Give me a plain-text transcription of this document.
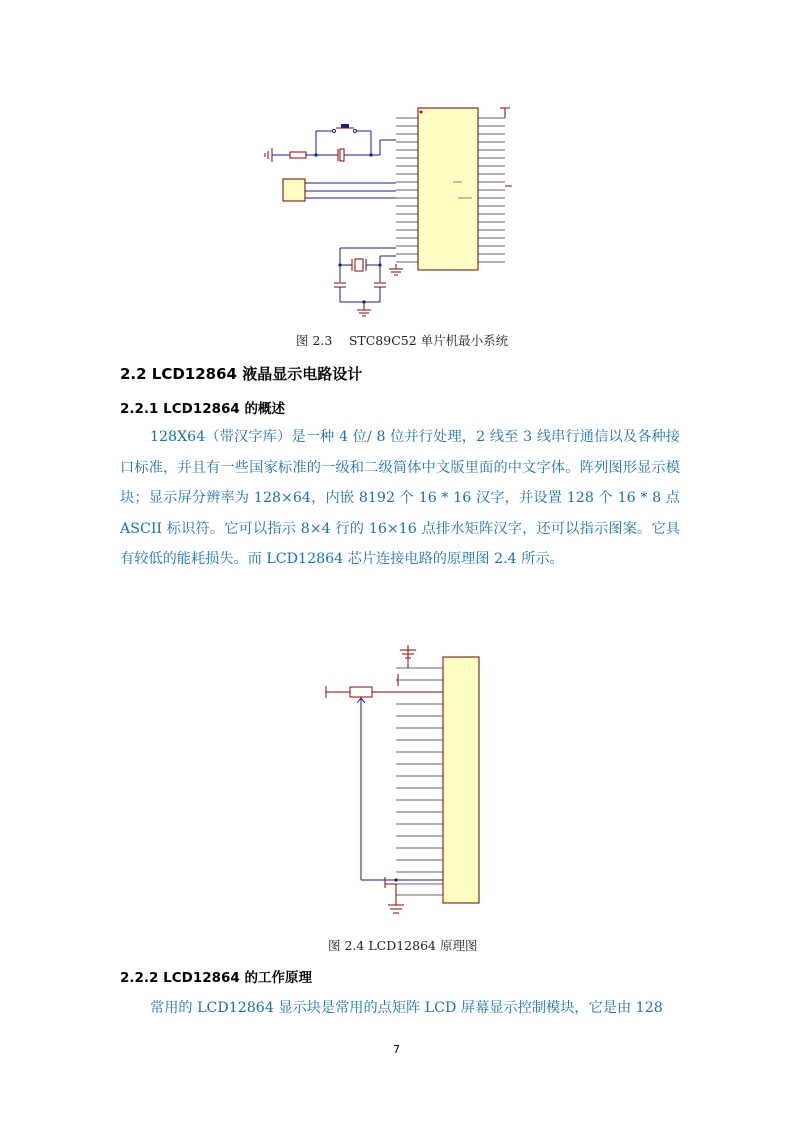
图 2.3　 STC89C52 单片机最小系统
2.2 LCD12864 液晶显示电路设计
2.2.1 LCD12864 的概述

128X64（带汉字库）是一种 4 位/ 8 位并行处理，2 线至 3 线串行通信以及各种接口标准，并且有一些国家标准的一级和二级简体中文版里面的中文字体。阵列图形显示模块；显示屏分辨率为 128×64，内嵌 8192 个 16 * 16 汉字，并设置 128 个 16 * 8 点 ASCII 标识符。它可以指示 8×4 行的 16×16 点排水矩阵汉字，还可以指示图案。它具有较低的能耗损失。而 LCD12864 芯片连接电路的原理图 2.4 所示。

图 2.4 LCD12864 原理图
2.2.2 LCD12864 的工作原理

常用的 LCD12864 显示块是常用的点矩阵 LCD 屏幕显示控制模块，它是由 128

7
